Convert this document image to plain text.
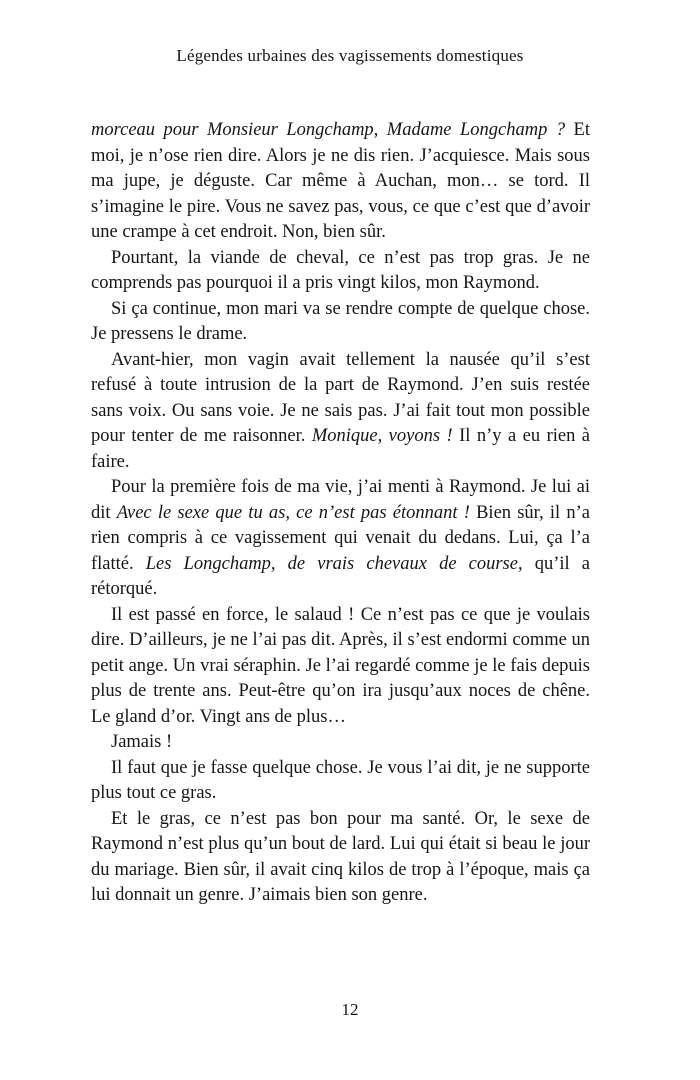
Légendes urbaines des vagissements domestiques

morceau pour Monsieur Longchamp, Madame Longchamp ? Et moi, je n’ose rien dire. Alors je ne dis rien. J’acquiesce. Mais sous ma jupe, je déguste. Car même à Auchan, mon… se tord. Il s’imagine le pire. Vous ne savez pas, vous, ce que c’est que d’avoir une crampe à cet endroit. Non, bien sûr.

Pourtant, la viande de cheval, ce n’est pas trop gras. Je ne comprends pas pourquoi il a pris vingt kilos, mon Raymond.

Si ça continue, mon mari va se rendre compte de quelque chose. Je pressens le drame.

Avant-hier, mon vagin avait tellement la nausée qu’il s’est refusé à toute intrusion de la part de Raymond. J’en suis restée sans voix. Ou sans voie. Je ne sais pas. J’ai fait tout mon possible pour tenter de me raisonner. Monique, voyons ! Il n’y a eu rien à faire.

Pour la première fois de ma vie, j’ai menti à Raymond. Je lui ai dit Avec le sexe que tu as, ce n’est pas étonnant ! Bien sûr, il n’a rien compris à ce vagissement qui venait du dedans. Lui, ça l’a flatté. Les Longchamp, de vrais chevaux de course, qu’il a rétorqué.

Il est passé en force, le salaud ! Ce n’est pas ce que je voulais dire. D’ailleurs, je ne l’ai pas dit. Après, il s’est endormi comme un petit ange. Un vrai séraphin. Je l’ai regardé comme je le fais depuis plus de trente ans. Peut-être qu’on ira jusqu’aux noces de chêne. Le gland d’or. Vingt ans de plus…

Jamais !

Il faut que je fasse quelque chose. Je vous l’ai dit, je ne supporte plus tout ce gras.

Et le gras, ce n’est pas bon pour ma santé. Or, le sexe de Raymond n’est plus qu’un bout de lard. Lui qui était si beau le jour du mariage. Bien sûr, il avait cinq kilos de trop à l’époque, mais ça lui donnait un genre. J’aimais bien son genre.

12
